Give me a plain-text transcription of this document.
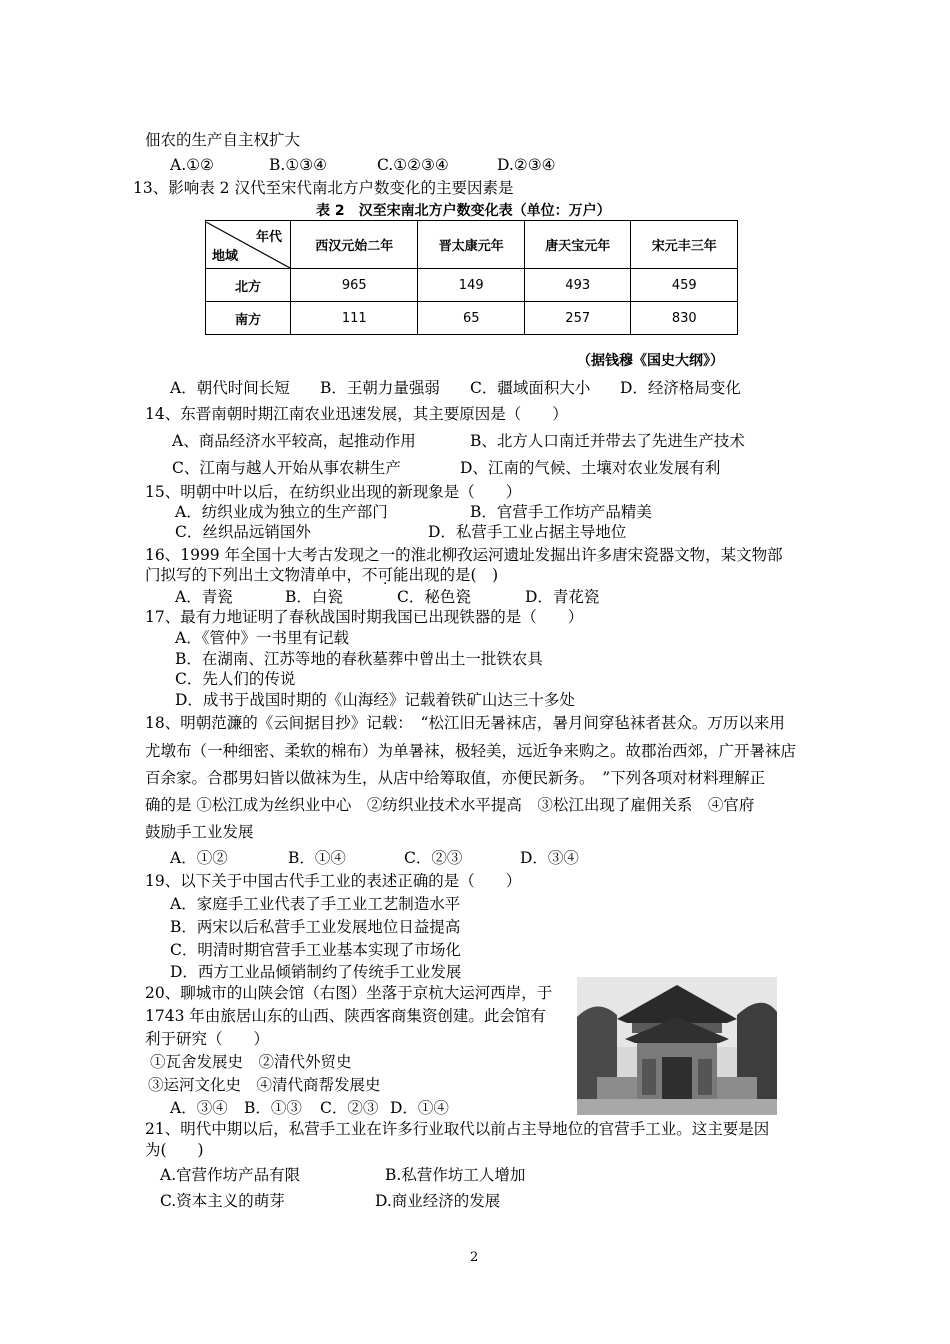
佃农的生产自主权扩大
A.①②	B.①③④	C.①②③④	D.②③④
13、影响表 2 汉代至宋代南北方户数变化的主要因素是
表 2　汉至宋南北方户数变化表（单位：万户）
年代
地域	西汉元始二年	晋太康元年	唐天宝元年	宋元丰三年
北方	965	149	493	459
南方	111	65	257	830
（据钱穆《国史大纲》）
A．朝代时间长短 B．王朝力量强弱 C．疆域面积大小 D．经济格局变化
14、东晋南朝时期江南农业迅速发展，其主要原因是（　　）
A、商品经济水平较高，起推动作用	B、北方人口南迁并带去了先进生产技术
C、江南与越人开始从事农耕生产	D、江南的气候、土壤对农业发展有利
15、明朝中叶以后，在纺织业出现的新现象是（　　）
A．纺织业成为独立的生产部门	B．官营手工作坊产品精美
C．丝织品远销国外	D．私营手工业占据主导地位
16、1999 年全国十大考古发现之一的淮北柳孜运河遗址发掘出许多唐宋瓷器文物，某文物部
门拟写的下列出土文物清单中，不可能出现的是(　)
A．青瓷	B．白瓷	C．秘色瓷	D．青花瓷
17、最有力地证明了春秋战国时期我国已出现铁器的是（　　）
A．《管仲》一书里有记载
B．在湖南、江苏等地的春秋墓葬中曾出土一批铁农具
C．先人们的传说
D．成书于战国时期的《山海经》记载着铁矿山达三十多处
18、明朝范濂的《云间据目抄》记载：　“松江旧无暑袜店，暑月间穿毡袜者甚众。万历以来用
尤墩布（一种细密、柔软的棉布）为单暑袜，极轻美，远近争来购之。故郡治西郊，广开暑袜店
百余家。合郡男妇皆以做袜为生，从店中给筹取值，亦便民新务。　”下列各项对材料理解正
确的是 ①松江成为丝织业中心　②纺织业技术水平提高　③松江出现了雇佣关系　④官府
鼓励手工业发展
A．①②	B．①④	C．②③	D．③④
19、以下关于中国古代手工业的表述正确的是（　　）
A．家庭手工业代表了手工业工艺制造水平
B．两宋以后私营手工业发展地位日益提高
C．明清时期官营手工业基本实现了市场化
D．西方工业品倾销制约了传统手工业发展
20、聊城市的山陕会馆（右图）坐落于京杭大运河西岸，于
1743 年由旅居山东的山西、陕西客商集资创建。此会馆有
利于研究（　　）
①瓦舍发展史　②清代外贸史
③运河文化史　④清代商帮发展史
A．③④ B．①③ C．②③ D．①④
21、明代中期以后，私营手工业在许多行业取代以前占主导地位的官营手工业。这主要是因
为(　　)
A.官营作坊产品有限	B.私营作坊工人增加
C.资本主义的萌芽	D.商业经济的发展
2
